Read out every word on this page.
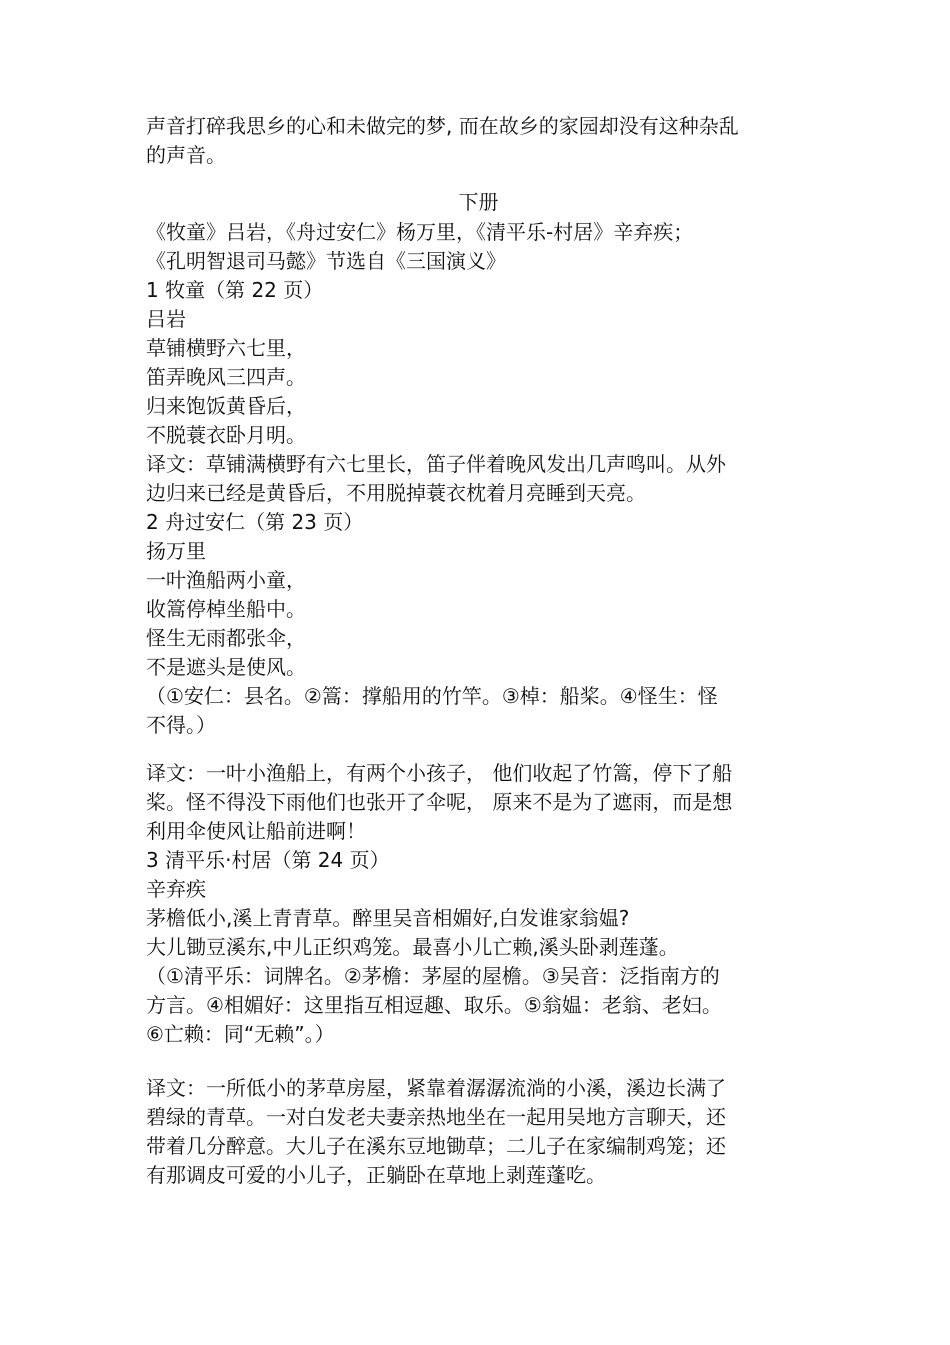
声音打碎我思乡的心和未做完的梦, 而在故乡的家园却没有这种杂乱
的声音。
下册
《牧童》吕岩，《舟过安仁》杨万里，《清平乐-村居》辛弃疾；
《孔明智退司马懿》节选自《三国演义》
1 牧童（第 22 页）
吕岩
草铺横野六七里，
笛弄晚风三四声。
归来饱饭黄昏后，
不脱蓑衣卧月明。
译文：草铺满横野有六七里长，笛子伴着晚风发出几声鸣叫。从外
边归来已经是黄昏后，不用脱掉蓑衣枕着月亮睡到天亮。
2 舟过安仁（第 23 页）
扬万里
一叶渔船两小童，
收篙停棹坐船中。
怪生无雨都张伞，
不是遮头是使风。
（①安仁：县名。②篙：撑船用的竹竿。③棹：船桨。④怪生：怪
不得。）
译文：一叶小渔船上，有两个小孩子， 他们收起了竹篙，停下了船
桨。怪不得没下雨他们也张开了伞呢， 原来不是为了遮雨，而是想
利用伞使风让船前进啊！
3 清平乐·村居（第 24 页）
辛弃疾
茅檐低小,溪上青青草。醉里吴音相媚好,白发谁家翁媪?
大儿锄豆溪东,中儿正织鸡笼。最喜小儿亡赖,溪头卧剥莲蓬。
（①清平乐：词牌名。②茅檐：茅屋的屋檐。③吴音：泛指南方的
方言。④相媚好：这里指互相逗趣、取乐。⑤翁媪：老翁、老妇。
⑥亡赖：同“无赖”。）
译文：一所低小的茅草房屋，紧靠着潺潺流淌的小溪，溪边长满了
碧绿的青草。一对白发老夫妻亲热地坐在一起用吴地方言聊天，还
带着几分醉意。大儿子在溪东豆地锄草；二儿子在家编制鸡笼；还
有那调皮可爱的小儿子，正躺卧在草地上剥莲蓬吃。
